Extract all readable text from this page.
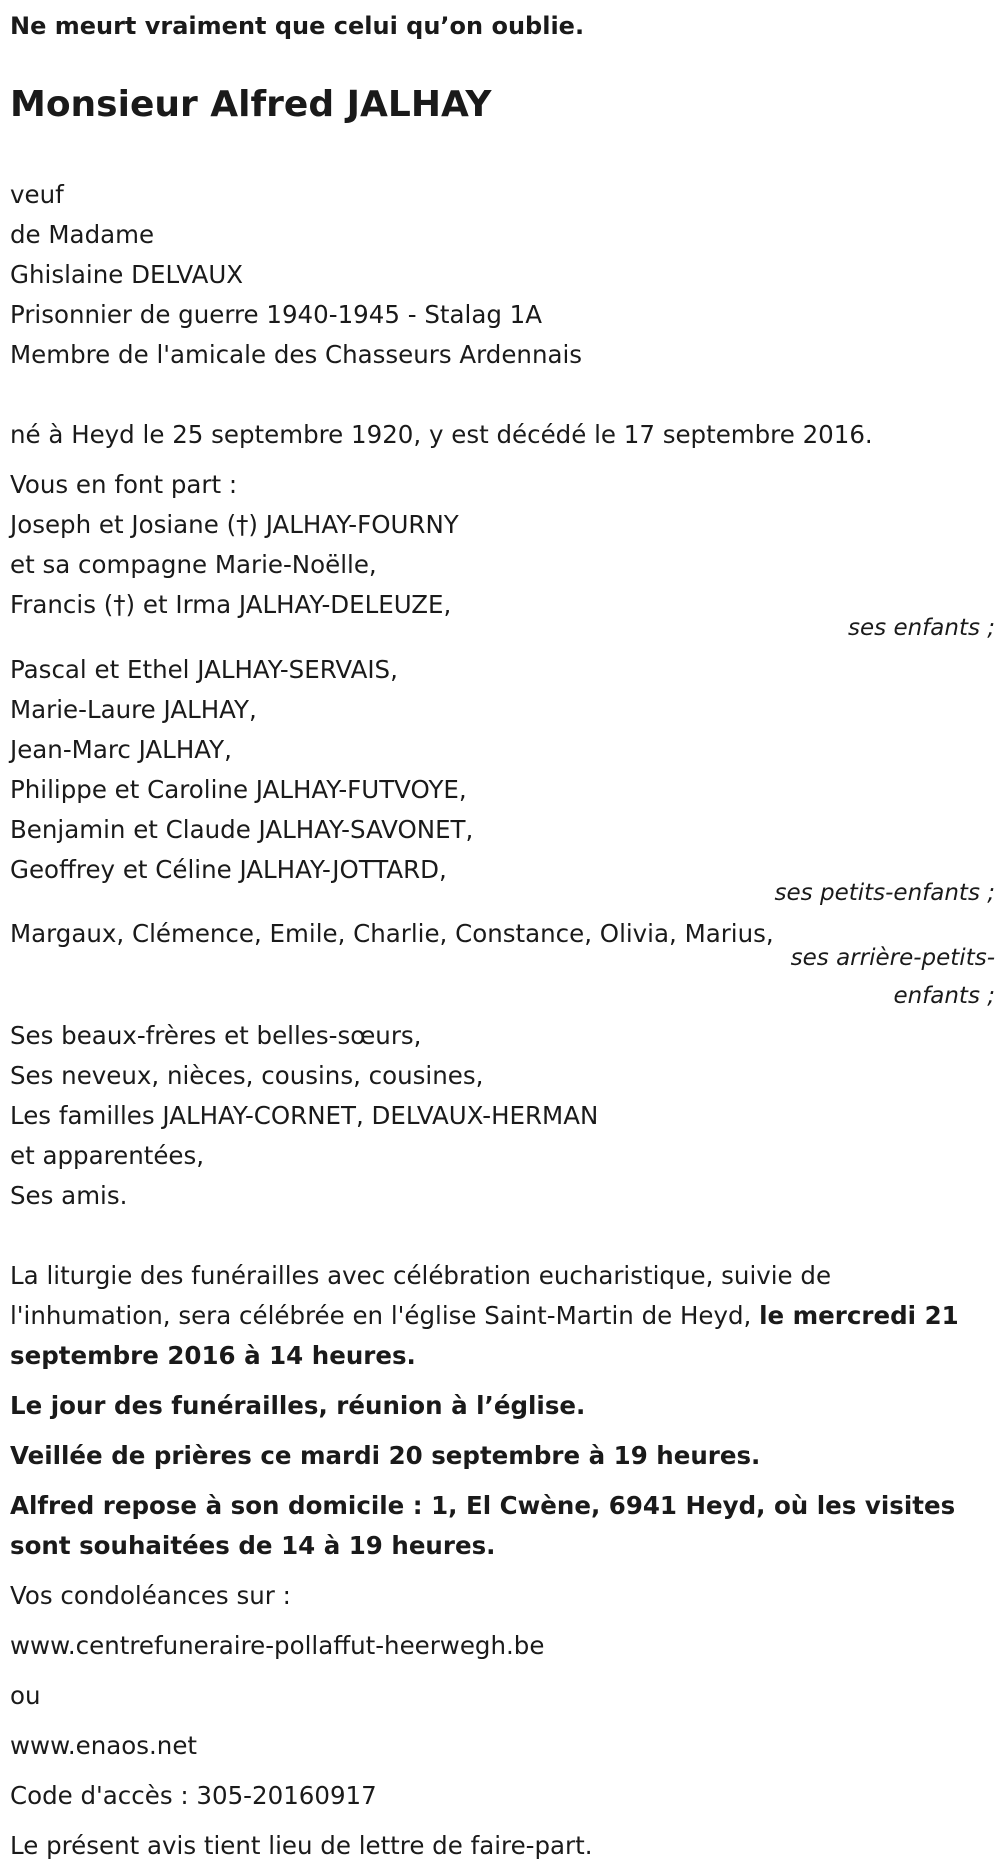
Ne meurt vraiment que celui qu’on oublie.
Monsieur Alfred JALHAY
veuf
de Madame
Ghislaine DELVAUX
Prisonnier de guerre 1940-1945 - Stalag 1A
Membre de l'amicale des Chasseurs Ardennais
né à Heyd le 25 septembre 1920, y est décédé le 17 septembre 2016.
Vous en font part :
Joseph et Josiane (†) JALHAY-FOURNY
et sa compagne Marie-Noëlle,
Francis (†) et Irma JALHAY-DELEUZE,
ses enfants ;
Pascal et Ethel JALHAY-SERVAIS,
Marie-Laure JALHAY,
Jean-Marc JALHAY,
Philippe et Caroline JALHAY-FUTVOYE,
Benjamin et Claude JALHAY-SAVONET,
Geoffrey et Céline JALHAY-JOTTARD,
ses petits-enfants ;
Margaux, Clémence, Emile, Charlie, Constance, Olivia, Marius,
ses arrière-petits-
enfants ;
Ses beaux-frères et belles-sœurs,
Ses neveux, nièces, cousins, cousines,
Les familles JALHAY-CORNET, DELVAUX-HERMAN
et apparentées,
Ses amis.
La liturgie des funérailles avec célébration eucharistique, suivie de l'inhumation, sera célébrée en l'église Saint-Martin de Heyd, le mercredi 21 septembre 2016 à 14 heures.
Le jour des funérailles, réunion à l’église.
Veillée de prières ce mardi 20 septembre à 19 heures.
Alfred repose à son domicile : 1, El Cwène, 6941 Heyd, où les visites sont souhaitées de 14 à 19 heures.
Vos condoléances sur :
www.centrefuneraire-pollaffut-heerwegh.be
ou
www.enaos.net
Code d'accès : 305-20160917
Le présent avis tient lieu de lettre de faire-part.
